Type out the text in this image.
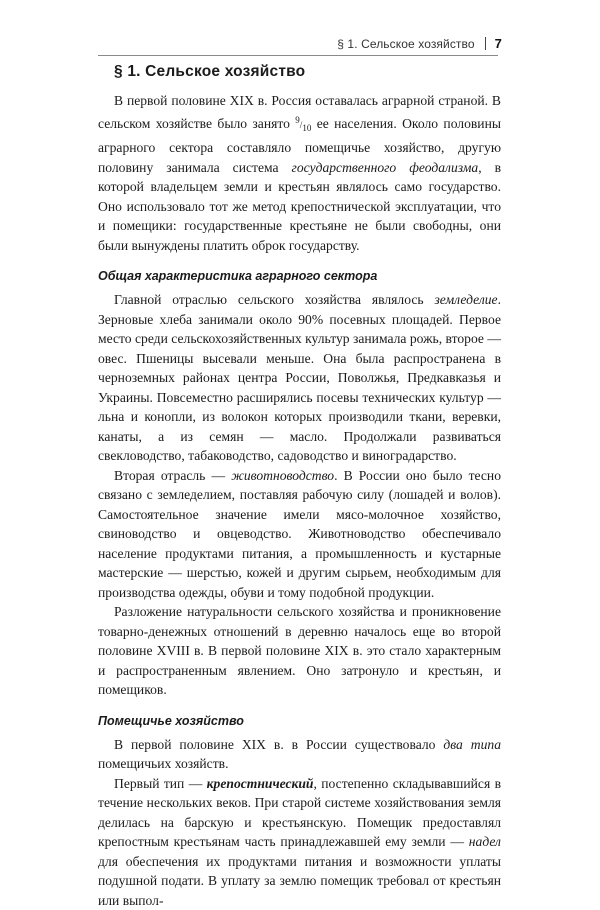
§ 1. Сельское хозяйство 7
§ 1. Сельское хозяйство

В первой половине XIX в. Россия оставалась аграрной страной. В сельском хозяйстве было занято 9/10 ее населения. Около половины аграрного сектора составляло помещичье хозяйство, другую половину занимала система государственного феодализма, в которой владельцем земли и крестьян являлось само государство. Оно использовало тот же метод крепостнической эксплуатации, что и помещики: государственные крестьяне не были свободны, они были вынуждены платить оброк государству.

Общая характеристика аграрного сектора

Главной отраслью сельского хозяйства являлось земледелие. Зерновые хлеба занимали около 90% посевных площадей. Первое место среди сельскохозяйственных культур занимала рожь, второе — овес. Пшеницы высевали меньше. Она была распространена в черноземных районах центра России, Поволжья, Предкавказья и Украины. Повсеместно расширялись посевы технических культур — льна и конопли, из волокон которых производили ткани, веревки, канаты, а из семян — масло. Продолжали развиваться свекловодство, табаководство, садоводство и виноградарство.

Вторая отрасль — животноводство. В России оно было тесно связано с земледелием, поставляя рабочую силу (лошадей и волов). Самостоятельное значение имели мясо-молочное хозяйство, свиноводство и овцеводство. Животноводство обеспечивало население продуктами питания, а промышленность и кустарные мастерские — шерстью, кожей и другим сырьем, необходимым для производства одежды, обуви и тому подобной продукции.

Разложение натуральности сельского хозяйства и проникновение товарно-денежных отношений в деревню началось еще во второй половине XVIII в. В первой половине XIX в. это стало характерным и распространенным явлением. Оно затронуло и крестьян, и помещиков.

Помещичье хозяйство

В первой половине XIX в. в России существовало два типа помещичьих хозяйств.

Первый тип — крепостнический, постепенно складывавшийся в течение нескольких веков. При старой системе хозяйствования земля делилась на барскую и крестьянскую. Помещик предоставлял крепостным крестьянам часть принадлежавшей ему земли — надел для обеспечения их продуктами питания и возможности уплаты подушной подати. В уплату за землю помещик требовал от крестьян или выпол-
